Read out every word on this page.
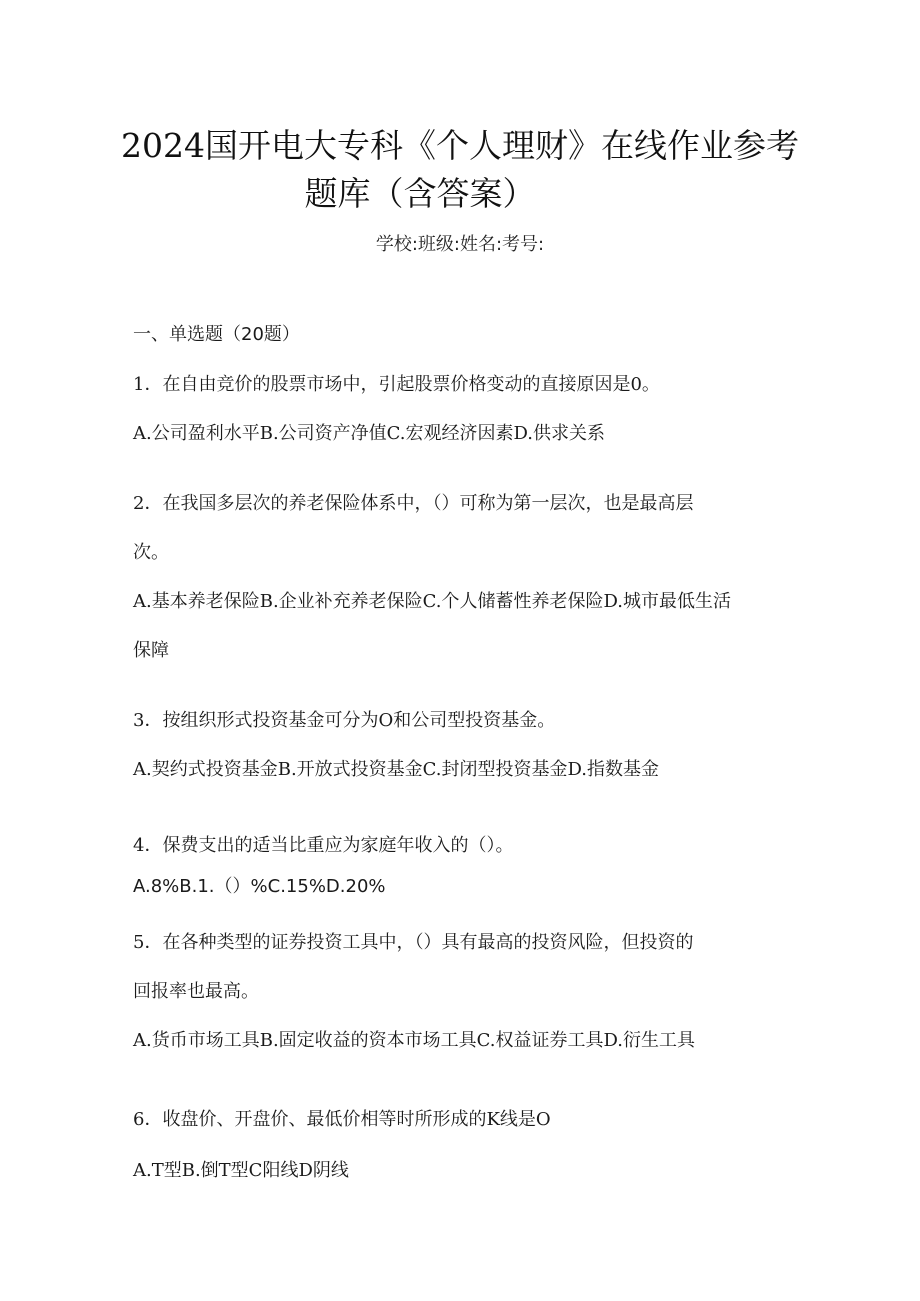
2024国开电大专科《个人理财》在线作业参考
题库（含答案）
学校:班级:姓名:考号:
一、单选题（20题）
1．在自由竞价的股票市场中，引起股票价格变动的直接原因是0。
A.公司盈利水平B.公司资产净值C.宏观经济因素D.供求关系
2．在我国多层次的养老保险体系中，（）可称为第一层次，也是最高层
次。
A.基本养老保险B.企业补充养老保险C.个人储蓄性养老保险D.城市最低生活
保障
3．按组织形式投资基金可分为O和公司型投资基金。
A.契约式投资基金B.开放式投资基金C.封闭型投资基金D.指数基金
4．保费支出的适当比重应为家庭年收入的（）。
A.8%B.1.（）%C.15%D.20%
5．在各种类型的证券投资工具中，（）具有最高的投资风险，但投资的
回报率也最高。
A.货币市场工具B.固定收益的资本市场工具C.权益证券工具D.衍生工具
6．收盘价、开盘价、最低价相等时所形成的K线是O
A.T型B.倒T型C阳线D阴线
